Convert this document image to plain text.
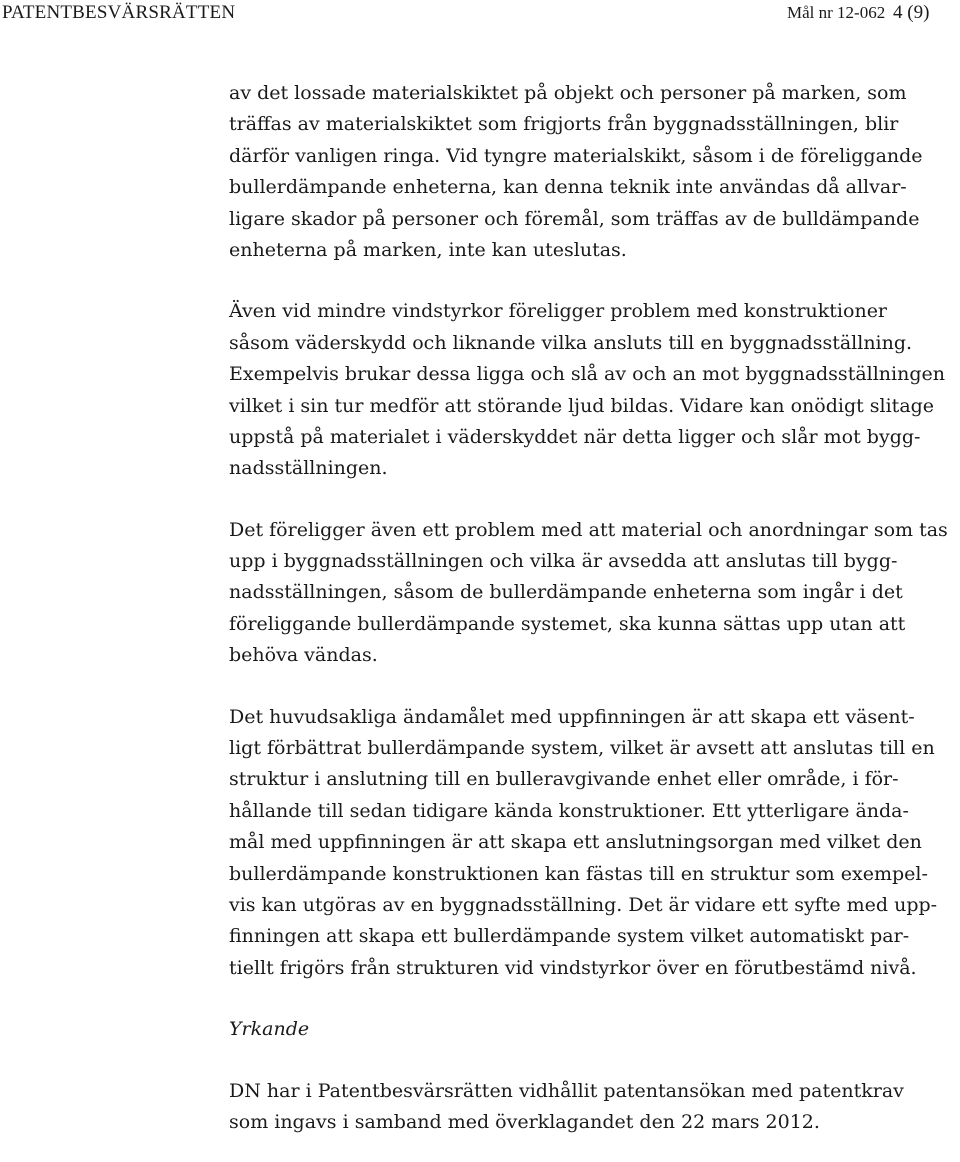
PATENTBESVÄRSRÄTTEN	Mål nr 12-062 4 (9)
av det lossade materialskiktet på objekt och personer på marken, som
träffas av materialskiktet som frigjorts från byggnadsställningen, blir
därför vanligen ringa. Vid tyngre materialskikt, såsom i de föreliggande
bullerdämpande enheterna, kan denna teknik inte användas då allvar-
ligare skador på personer och föremål, som träffas av de bulldämpande
enheterna på marken, inte kan uteslutas.
Även vid mindre vindstyrkor föreligger problem med konstruktioner
såsom väderskydd och liknande vilka ansluts till en byggnadsställning.
Exempelvis brukar dessa ligga och slå av och an mot byggnadsställningen
vilket i sin tur medför att störande ljud bildas. Vidare kan onödigt slitage
uppstå på materialet i väderskyddet när detta ligger och slår mot bygg-
nadsställningen.
Det föreligger även ett problem med att material och anordningar som tas
upp i byggnadsställningen och vilka är avsedda att anslutas till bygg-
nadsställningen, såsom de bullerdämpande enheterna som ingår i det
föreliggande bullerdämpande systemet, ska kunna sättas upp utan att
behöva vändas.
Det huvudsakliga ändamålet med uppfinningen är att skapa ett väsent-
ligt förbättrat bullerdämpande system, vilket är avsett att anslutas till en
struktur i anslutning till en bulleravgivande enhet eller område, i för-
hållande till sedan tidigare kända konstruktioner. Ett ytterligare ända-
mål med uppfinningen är att skapa ett anslutningsorgan med vilket den
bullerdämpande konstruktionen kan fästas till en struktur som exempel-
vis kan utgöras av en byggnadsställning. Det är vidare ett syfte med upp-
finningen att skapa ett bullerdämpande system vilket automatiskt par-
tiellt frigörs från strukturen vid vindstyrkor över en förutbestämd nivå.
Yrkande
DN har i Patentbesvärsrätten vidhållit patentansökan med patentkrav
som ingavs i samband med överklagandet den 22 mars 2012.
